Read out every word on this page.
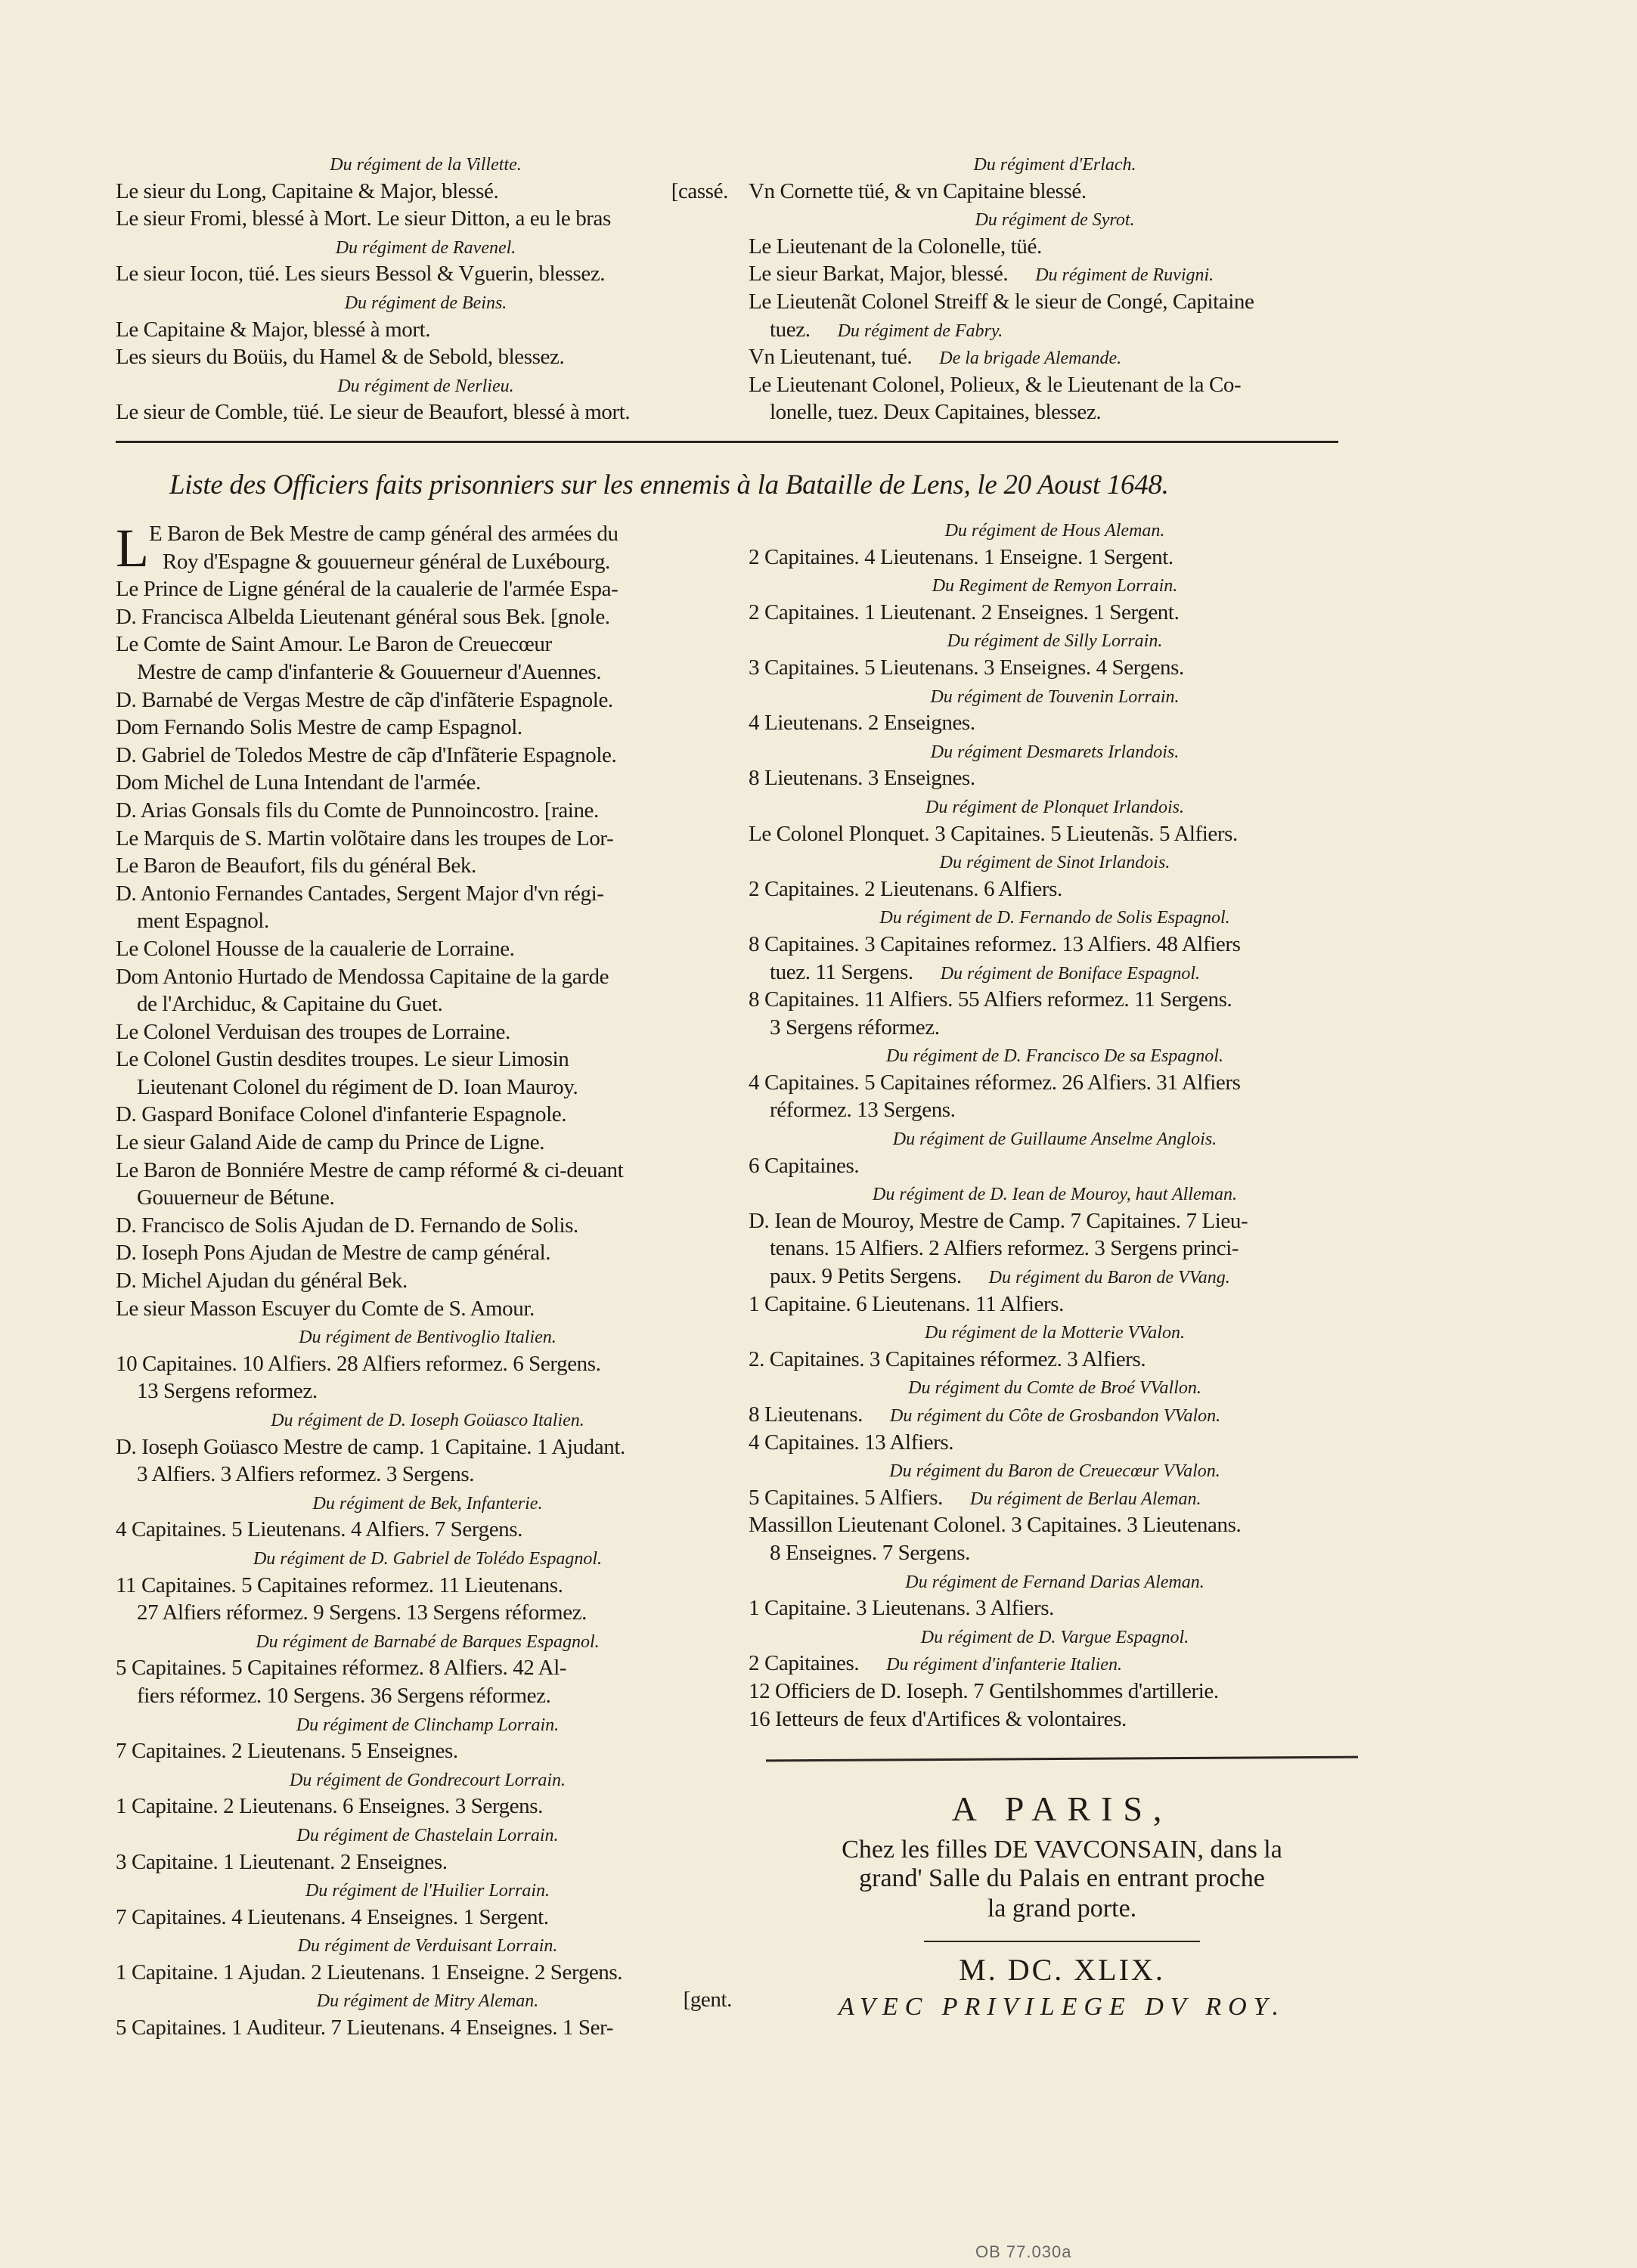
Du régiment de la Villette.
Le sieur du Long, Capitaine & Major, blessé.	[cassé.
Le sieur Fromi, blessé à Mort. Le sieur Ditton, a eu le bras
Du régiment de Ravenel.
Le sieur Iocon, tüé. Les sieurs Bessol & Vguerin, blessez.
Du régiment de Beins.
Le Capitaine & Major, blessé à mort.
Les sieurs du Boüis, du Hamel & de Sebold, blessez.
Du régiment de Nerlieu.
Le sieur de Comble, tüé. Le sieur de Beaufort, blessé à mort.
Du régiment d'Erlach.
Vn Cornette tüé, & vn Capitaine blessé.
Du régiment de Syrot.
Le Lieutenant de la Colonelle, tüé.
Le sieur Barkat, Major, blessé. Du régiment de Ruvigni.
Le Lieutenãt Colonel Streiff & le sieur de Congé, Capitaine
tuez. Du régiment de Fabry.
Vn Lieutenant, tué. De la brigade Alemande.
Le Lieutenant Colonel, Polieux, & le Lieutenant de la Co-
lonelle, tuez. Deux Capitaines, blessez.
Liste des Officiers faits prisonniers sur les ennemis à la Bataille de Lens, le 20 Aoust 1648.
L E Baron de Bek Mestre de camp général des armées du
Roy d'Espagne & gouuerneur général de Luxébourg.
Le Prince de Ligne général de la caualerie de l'armée Espa-
D. Francisca Albelda Lieutenant général sous Bek. [gnole.
Le Comte de Saint Amour. Le Baron de Creuecœur
Mestre de camp d'infanterie & Gouuerneur d'Auennes.
D. Barnabé de Vergas Mestre de cãp d'infãterie Espagnole.
Dom Fernando Solis Mestre de camp Espagnol.
D. Gabriel de Toledos Mestre de cãp d'Infãterie Espagnole.
Dom Michel de Luna Intendant de l'armée.
D. Arias Gonsals fils du Comte de Punnoincostro. [raine.
Le Marquis de S. Martin volõtaire dans les troupes de Lor-
Le Baron de Beaufort, fils du général Bek.
D. Antonio Fernandes Cantades, Sergent Major d'vn régi-
ment Espagnol.
Le Colonel Housse de la caualerie de Lorraine.
Dom Antonio Hurtado de Mendossa Capitaine de la garde
de l'Archiduc, & Capitaine du Guet.
Le Colonel Verduisan des troupes de Lorraine.
Le Colonel Gustin desdites troupes. Le sieur Limosin
Lieutenant Colonel du régiment de D. Ioan Mauroy.
D. Gaspard Boniface Colonel d'infanterie Espagnole.
Le sieur Galand Aide de camp du Prince de Ligne.
Le Baron de Bonniére Mestre de camp réformé & ci-deuant
Gouuerneur de Bétune.
D. Francisco de Solis Ajudan de D. Fernando de Solis.
D. Ioseph Pons Ajudan de Mestre de camp général.
D. Michel Ajudan du général Bek.
Le sieur Masson Escuyer du Comte de S. Amour.
Du régiment de Bentivoglio Italien.
10 Capitaines. 10 Alfiers. 28 Alfiers reformez. 6 Sergens.
13 Sergens reformez.
Du régiment de D. Ioseph Goüasco Italien.
D. Ioseph Goüasco Mestre de camp. 1 Capitaine. 1 Ajudant.
3 Alfiers. 3 Alfiers reformez. 3 Sergens.
Du régiment de Bek, Infanterie.
4 Capitaines. 5 Lieutenans. 4 Alfiers. 7 Sergens.
Du régiment de D. Gabriel de Tolédo Espagnol.
11 Capitaines. 5 Capitaines reformez. 11 Lieutenans.
27 Alfiers réformez. 9 Sergens. 13 Sergens réformez.
Du régiment de Barnabé de Barques Espagnol.
5 Capitaines. 5 Capitaines réformez. 8 Alfiers. 42 Al-
fiers réformez. 10 Sergens. 36 Sergens réformez.
Du régiment de Clinchamp Lorrain.
7 Capitaines. 2 Lieutenans. 5 Enseignes.
Du régiment de Gondrecourt Lorrain.
1 Capitaine. 2 Lieutenans. 6 Enseignes. 3 Sergens.
Du régiment de Chastelain Lorrain.
3 Capitaine. 1 Lieutenant. 2 Enseignes.
Du régiment de l'Huilier Lorrain.
7 Capitaines. 4 Lieutenans. 4 Enseignes. 1 Sergent.
Du régiment de Verduisant Lorrain.
1 Capitaine. 1 Ajudan. 2 Lieutenans. 1 Enseigne. 2 Sergens.
Du régiment de Mitry Aleman.	[gent.
5 Capitaines. 1 Auditeur. 7 Lieutenans. 4 Enseignes. 1 Ser-
Du régiment de Hous Aleman.
2 Capitaines. 4 Lieutenans. 1 Enseigne. 1 Sergent.
Du Regiment de Remyon Lorrain.
2 Capitaines. 1 Lieutenant. 2 Enseignes. 1 Sergent.
Du régiment de Silly Lorrain.
3 Capitaines. 5 Lieutenans. 3 Enseignes. 4 Sergens.
Du régiment de Touvenin Lorrain.
4 Lieutenans. 2 Enseignes.
Du régiment Desmarets Irlandois.
8 Lieutenans. 3 Enseignes.
Du régiment de Plonquet Irlandois.
Le Colonel Plonquet. 3 Capitaines. 5 Lieutenãs. 5 Alfiers.
Du régiment de Sinot Irlandois.
2 Capitaines. 2 Lieutenans. 6 Alfiers.
Du régiment de D. Fernando de Solis Espagnol.
8 Capitaines. 3 Capitaines reformez. 13 Alfiers. 48 Alfiers
tuez. 11 Sergens. Du régiment de Boniface Espagnol.
8 Capitaines. 11 Alfiers. 55 Alfiers reformez. 11 Sergens.
3 Sergens réformez.
Du régiment de D. Francisco De sa Espagnol.
4 Capitaines. 5 Capitaines réformez. 26 Alfiers. 31 Alfiers
réformez. 13 Sergens.
Du régiment de Guillaume Anselme Anglois.
6 Capitaines.
Du régiment de D. Iean de Mouroy, haut Alleman.
D. Iean de Mouroy, Mestre de Camp. 7 Capitaines. 7 Lieu-
tenans. 15 Alfiers. 2 Alfiers reformez. 3 Sergens princi-
paux. 9 Petits Sergens. Du régiment du Baron de VVang.
1 Capitaine. 6 Lieutenans. 11 Alfiers.
Du régiment de la Motterie VValon.
2. Capitaines. 3 Capitaines réformez. 3 Alfiers.
Du régiment du Comte de Broé VVallon.
8 Lieutenans. Du régiment du Côte de Grosbandon VValon.
4 Capitaines. 13 Alfiers.
Du régiment du Baron de Creuecœur VValon.
5 Capitaines. 5 Alfiers. Du régiment de Berlau Aleman.
Massillon Lieutenant Colonel. 3 Capitaines. 3 Lieutenans.
8 Enseignes. 7 Sergens.
Du régiment de Fernand Darias Aleman.
1 Capitaine. 3 Lieutenans. 3 Alfiers.
Du régiment de D. Vargue Espagnol.
2 Capitaines. Du régiment d'infanterie Italien.
12 Officiers de D. Ioseph. 7 Gentilshommes d'artillerie.
16 Ietteurs de feux d'Artifices & volontaires.
A PARIS,
Chez les filles DE VAVCONSAIN, dans la
grand' Salle du Palais en entrant proche
la grand porte.
M. DC. XLIX.
AVEC PRIVILEGE DV ROY.
OB 77.030a
